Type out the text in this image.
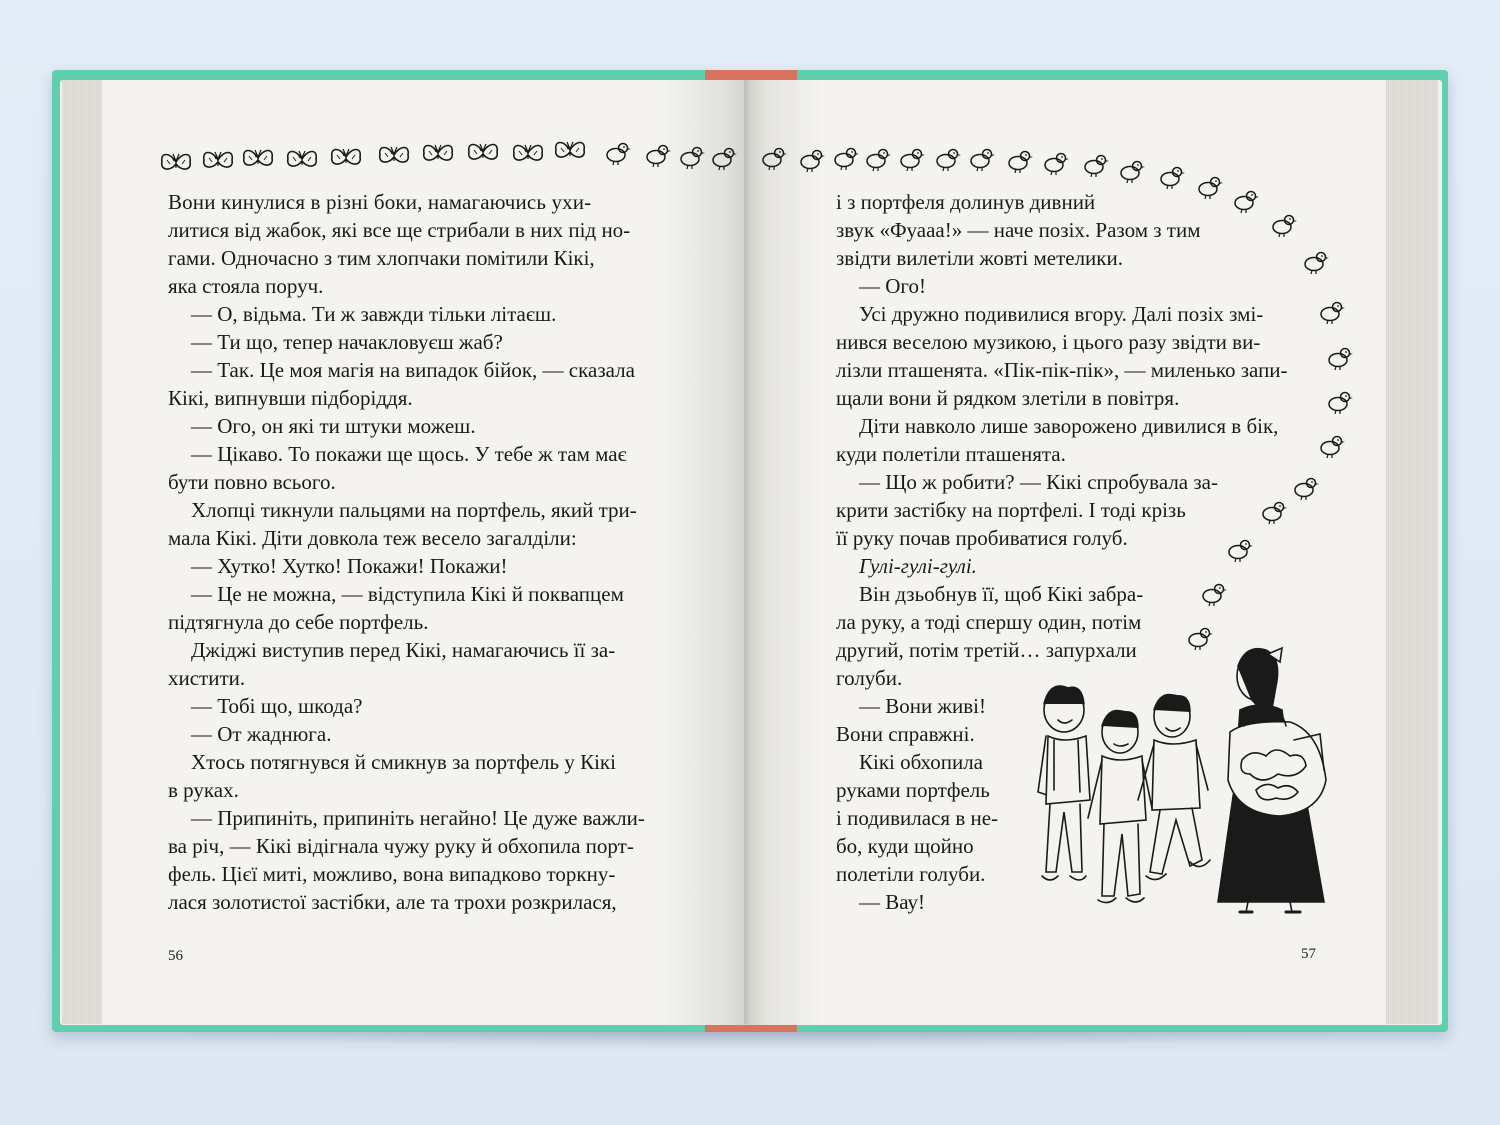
Вони кинулися в різні боки, намагаючись ухи-
литися від жабок, які все ще стрибали в них під но-
гами. Одночасно з тим хлопчаки помітили Кікі,
яка стояла поруч.
— О, відьма. Ти ж завжди тільки літаєш.
— Ти що, тепер начакловуєш жаб?
— Так. Це моя магія на випадок бійок, — сказала
Кікі, випнувши підборіддя.
— Ого, он які ти штуки можеш.
— Цікаво. То покажи ще щось. У тебе ж там має
бути повно всього.
Хлопці тикнули пальцями на портфель, який три-
мала Кікі. Діти довкола теж весело загалділи:
— Хутко! Хутко! Покажи! Покажи!
— Це не можна, — відступила Кікі й поквапцем
підтягнула до себе портфель.
Джіджі виступив перед Кікі, намагаючись її за-
хистити.
— Тобі що, шкода?
— От жаднюга.
Хтось потягнувся й смикнув за портфель у Кікі
в руках.
— Припиніть, припиніть негайно! Це дуже важли-
ва річ, — Кікі відігнала чужу руку й обхопила порт-
фель. Цієї миті, можливо, вона випадково торкну-
лася золотистої застібки, але та трохи розкрилася,
56
і з портфеля долинув дивний
звук «Фуааа!» — наче позіх. Разом з тим
звідти вилетіли жовті метелики.
— Ого!
Усі дружно подивилися вгору. Далі позіх змі-
нився веселою музикою, і цього разу звідти ви-
лізли пташенята. «Пік-пік-пік», — миленько запи-
щали вони й рядком злетіли в повітря.
Діти навколо лише заворожено дивилися в бік,
куди полетіли пташенята.
— Що ж робити? — Кікі спробувала за-
крити застібку на портфелі. І тоді крізь
її руку почав пробиватися голуб.
Гулі-гулі-гулі.
Він дзьобнув її, щоб Кікі забра-
ла руку, а тоді спершу один, потім
другий, потім третій… запурхали
голуби.
— Вони живі!
Вони справжні.
Кікі обхопила
руками портфель
і подивилася в не-
бо, куди щойно
полетіли голуби.
— Вау!
57
